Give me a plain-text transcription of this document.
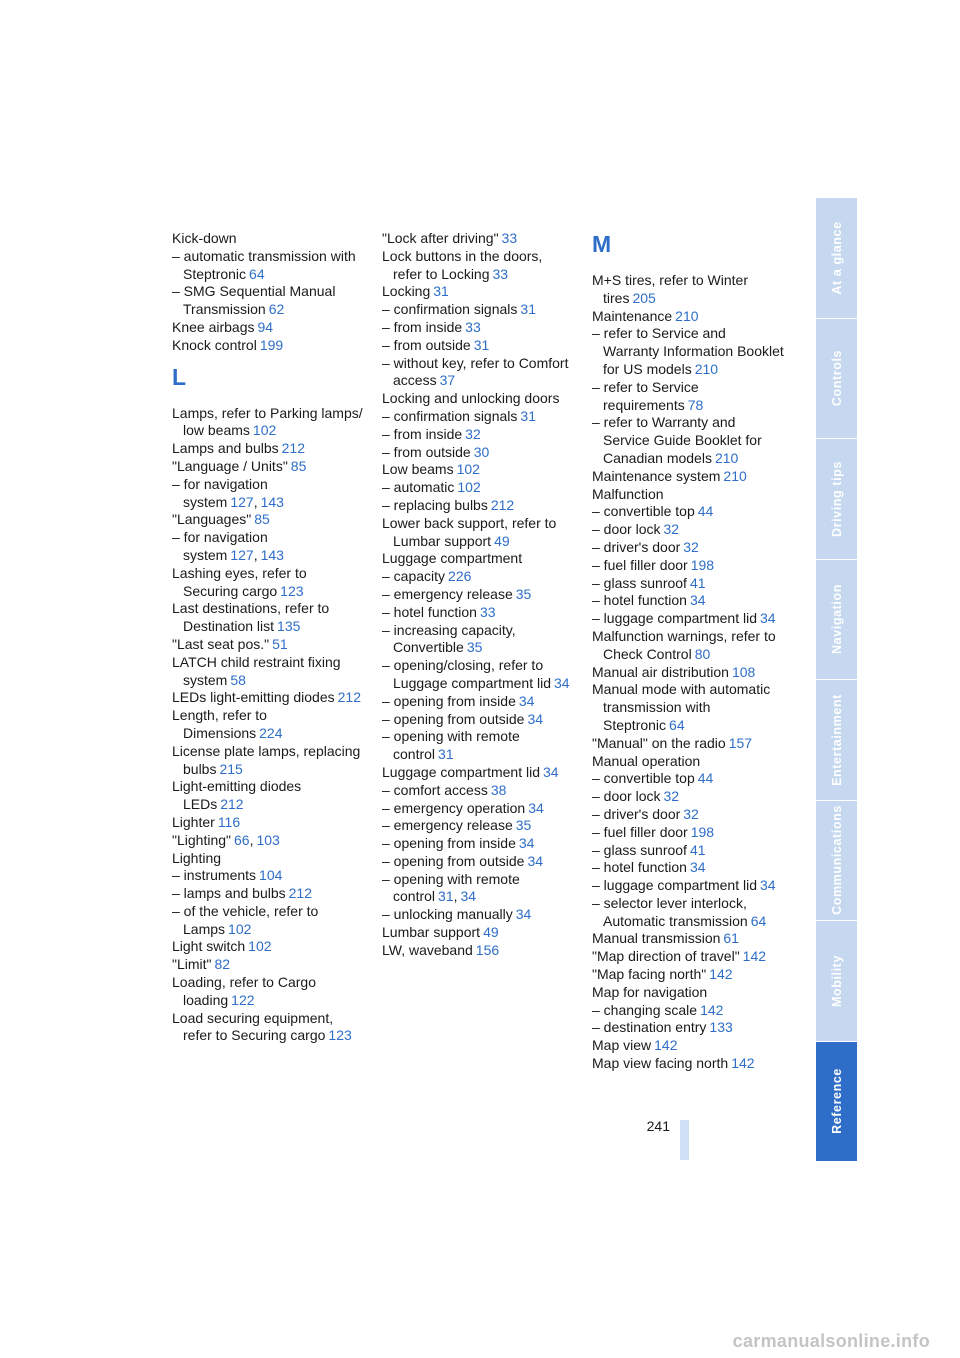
Kick-down
– automatic transmission with Steptronic 64
– SMG Sequential Manual Transmission 62
Knee airbags 94
Knock control 199
L
Lamps, refer to Parking lamps/ low beams 102
Lamps and bulbs 212
"Language / Units" 85
– for navigation system 127, 143
"Languages" 85
– for navigation system 127, 143
Lashing eyes, refer to Securing cargo 123
Last destinations, refer to Destination list 135
"Last seat pos." 51
LATCH child restraint fixing system 58
LEDs light-emitting diodes 212
Length, refer to Dimensions 224
License plate lamps, replacing bulbs 215
Light-emitting diodes LEDs 212
Lighter 116
"Lighting" 66, 103
Lighting
– instruments 104
– lamps and bulbs 212
– of the vehicle, refer to Lamps 102
Light switch 102
"Limit" 82
Loading, refer to Cargo loading 122
Load securing equipment, refer to Securing cargo 123
"Lock after driving" 33
Lock buttons in the doors, refer to Locking 33
Locking 31
– confirmation signals 31
– from inside 33
– from outside 31
– without key, refer to Comfort access 37
Locking and unlocking doors
– confirmation signals 31
– from inside 32
– from outside 30
Low beams 102
– automatic 102
– replacing bulbs 212
Lower back support, refer to Lumbar support 49
Luggage compartment
– capacity 226
– emergency release 35
– hotel function 33
– increasing capacity, Convertible 35
– opening/closing, refer to Luggage compartment lid 34
– opening from inside 34
– opening from outside 34
– opening with remote control 31
Luggage compartment lid 34
– comfort access 38
– emergency operation 34
– emergency release 35
– opening from inside 34
– opening from outside 34
– opening with remote control 31, 34
– unlocking manually 34
Lumbar support 49
LW, waveband 156
M
M+S tires, refer to Winter tires 205
Maintenance 210
– refer to Service and Warranty Information Booklet for US models 210
– refer to Service requirements 78
– refer to Warranty and Service Guide Booklet for Canadian models 210
Maintenance system 210
Malfunction
– convertible top 44
– door lock 32
– driver's door 32
– fuel filler door 198
– glass sunroof 41
– hotel function 34
– luggage compartment lid 34
Malfunction warnings, refer to Check Control 80
Manual air distribution 108
Manual mode with automatic transmission with Steptronic 64
"Manual" on the radio 157
Manual operation
– convertible top 44
– door lock 32
– driver's door 32
– fuel filler door 198
– glass sunroof 41
– hotel function 34
– luggage compartment lid 34
– selector lever interlock, Automatic transmission 64
Manual transmission 61
"Map direction of travel" 142
"Map facing north" 142
Map for navigation
– changing scale 142
– destination entry 133
Map view 142
Map view facing north 142
241
At a glance
Controls
Driving tips
Navigation
Entertainment
Communications
Mobility
Reference
carmanualsonline.info
